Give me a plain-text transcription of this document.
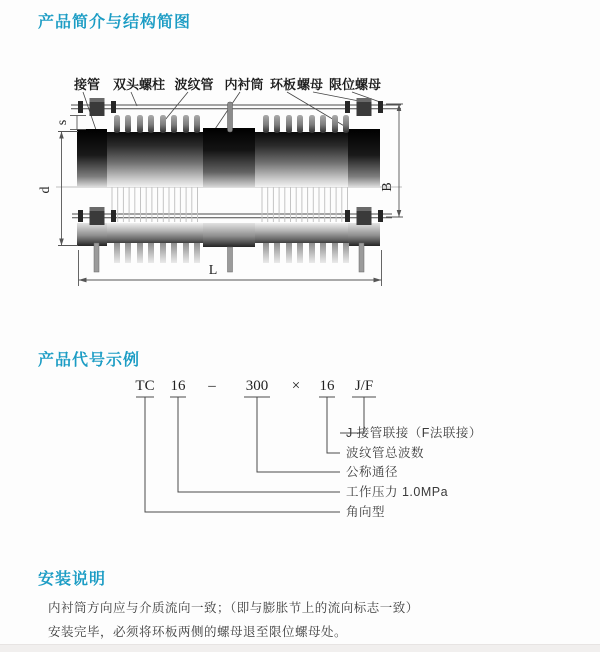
产品简介与结构简图
接管 双头螺柱 波纹管 内衬筒 环板 螺母 限位螺母
s
d	B
L
产品代号示例
TC 16 – 300 × 16 J/F
J 接管联接（F法联接）
波纹管总波数
公称通径
工作压力 1.0MPa
角向型
安装说明
内衬筒方向应与介质流向一致；（即与膨胀节上的流向标志一致）
安装完毕，必须将环板两侧的螺母退至限位螺母处。
